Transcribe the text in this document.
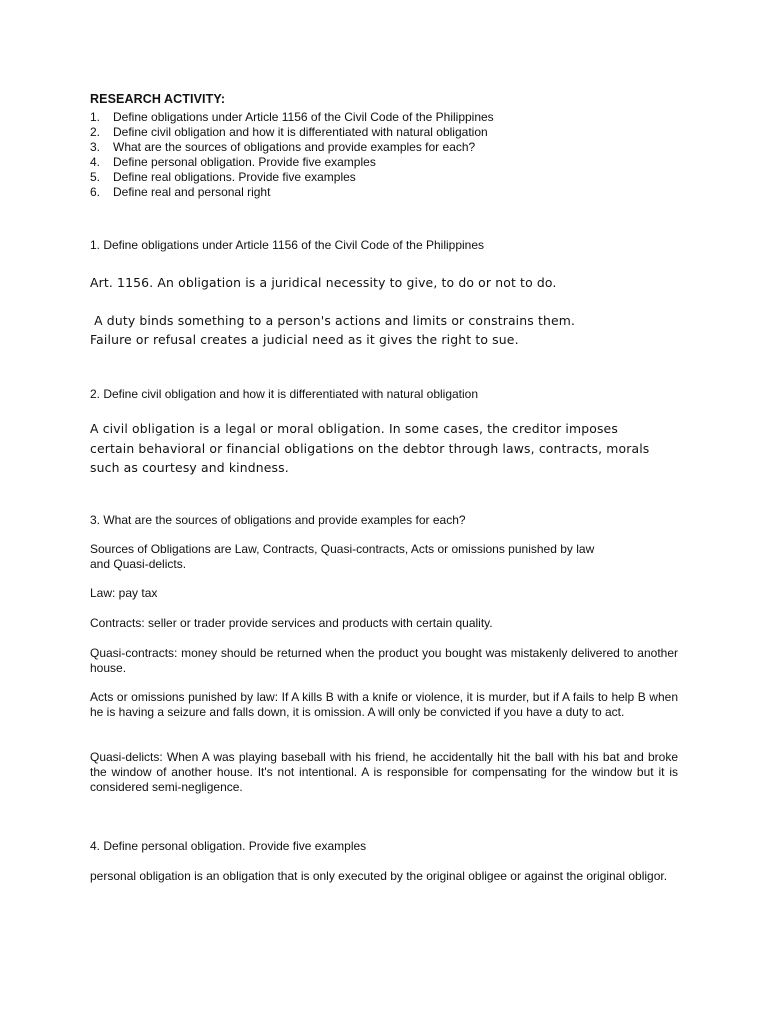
RESEARCH ACTIVITY:
1.	Define obligations under Article 1156 of the Civil Code of the Philippines
2.	Define civil obligation and how it is differentiated with natural obligation
3.	What are the sources of obligations and provide examples for each?
4.	Define personal obligation. Provide five examples
5.	Define real obligations. Provide five examples
6.	Define real and personal right
1. Define obligations under Article 1156 of the Civil Code of the Philippines
Art. 1156. An obligation is a juridical necessity to give, to do or not to do.
A duty binds something to a person's actions and limits or constrains them.
Failure or refusal creates a judicial need as it gives the right to sue.
2. Define civil obligation and how it is differentiated with natural obligation
A civil obligation is a legal or moral obligation. In some cases, the creditor imposes
certain behavioral or financial obligations on the debtor through laws, contracts, morals
such as courtesy and kindness.
3. What are the sources of obligations and provide examples for each?
Sources of Obligations are Law, Contracts, Quasi-contracts, Acts or omissions punished by law
and Quasi-delicts.
Law: pay tax
Contracts: seller or trader provide services and products with certain quality.
Quasi-contracts: money should be returned when the product you bought was mistakenly delivered to another house.
Acts or omissions punished by law: If A kills B with a knife or violence, it is murder, but if A fails to help B when he is having a seizure and falls down, it is omission. A will only be convicted if you have a duty to act.
Quasi-delicts: When A was playing baseball with his friend, he accidentally hit the ball with his bat and broke the window of another house. It's not intentional. A is responsible for compensating for the window but it is considered semi-negligence.
4. Define personal obligation. Provide five examples
personal obligation is an obligation that is only executed by the original obligee or against the original obligor.
